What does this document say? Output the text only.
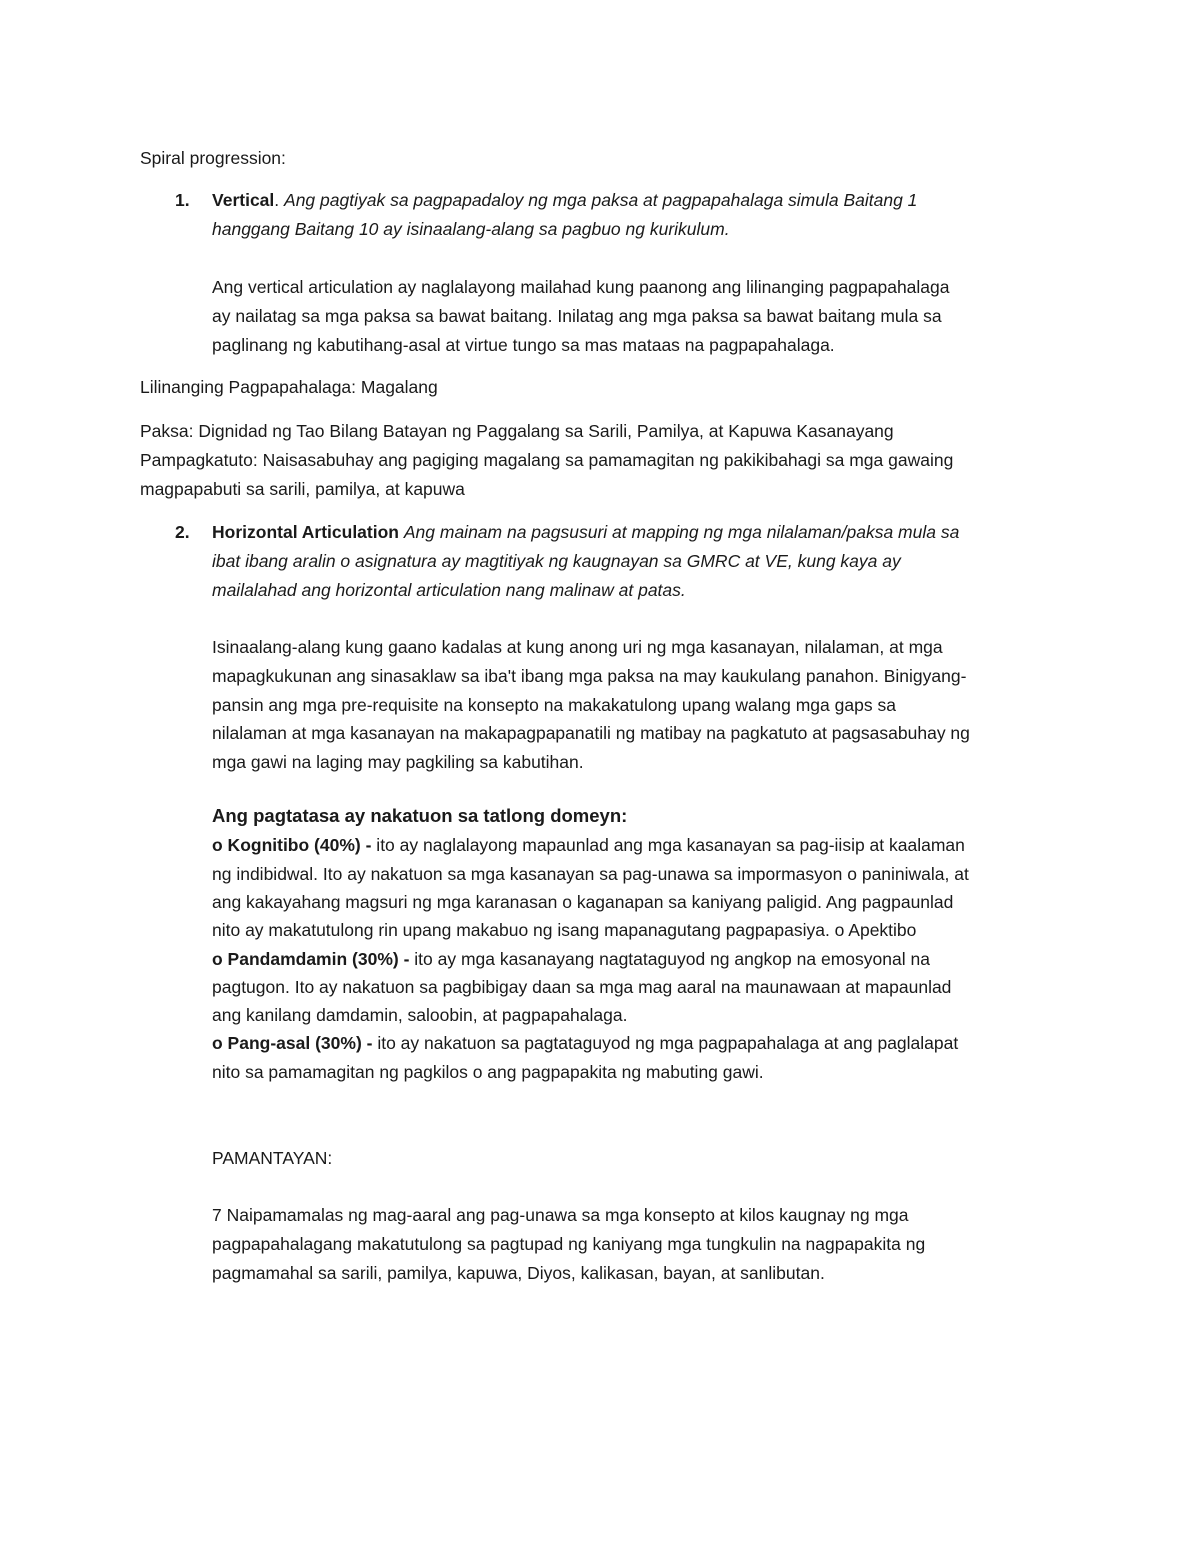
Spiral progression:
1. Vertical. Ang pagtiyak sa pagpapadaloy ng mga paksa at pagpapahalaga simula Baitang 1
hanggang Baitang 10 ay isinaalang-alang sa pagbuo ng kurikulum.
Ang vertical articulation ay naglalayong mailahad kung paanong ang lilinanging pagpapahalaga
ay nailatag sa mga paksa sa bawat baitang. Inilatag ang mga paksa sa bawat baitang mula sa
paglinang ng kabutihang-asal at virtue tungo sa mas mataas na pagpapahalaga.
Lilinanging Pagpapahalaga: Magalang
Paksa: Dignidad ng Tao Bilang Batayan ng Paggalang sa Sarili, Pamilya, at Kapuwa Kasanayang
Pampagkatuto: Naisasabuhay ang pagiging magalang sa pamamagitan ng pakikibahagi sa mga gawaing
magpapabuti sa sarili, pamilya, at kapuwa
2. Horizontal Articulation Ang mainam na pagsusuri at mapping ng mga nilalaman/paksa mula sa
ibat ibang aralin o asignatura ay magtitiyak ng kaugnayan sa GMRC at VE, kung kaya ay
mailalahad ang horizontal articulation nang malinaw at patas.
Isinaalang-alang kung gaano kadalas at kung anong uri ng mga kasanayan, nilalaman, at mga
mapagkukunan ang sinasaklaw sa iba't ibang mga paksa na may kaukulang panahon. Binigyang-
pansin ang mga pre-requisite na konsepto na makakatulong upang walang mga gaps sa
nilalaman at mga kasanayan na makapagpapanatili ng matibay na pagkatuto at pagsasabuhay ng
mga gawi na laging may pagkiling sa kabutihan.
Ang pagtatasa ay nakatuon sa tatlong domeyn:
o Kognitibo (40%) - ito ay naglalayong mapaunlad ang mga kasanayan sa pag-iisip at kaalaman
ng indibidwal. Ito ay nakatuon sa mga kasanayan sa pag-unawa sa impormasyon o paniniwala, at
ang kakayahang magsuri ng mga karanasan o kaganapan sa kaniyang paligid. Ang pagpaunlad
nito ay makatutulong rin upang makabuo ng isang mapanagutang pagpapasiya. o Apektibo
o Pandamdamin (30%) - ito ay mga kasanayang nagtataguyod ng angkop na emosyonal na
pagtugon. Ito ay nakatuon sa pagbibigay daan sa mga mag aaral na maunawaan at mapaunlad
ang kanilang damdamin, saloobin, at pagpapahalaga.
o Pang-asal (30%) - ito ay nakatuon sa pagtataguyod ng mga pagpapahalaga at ang paglalapat
nito sa pamamagitan ng pagkilos o ang pagpapakita ng mabuting gawi.
PAMANTAYAN:
7 Naipamamalas ng mag-aaral ang pag-unawa sa mga konsepto at kilos kaugnay ng mga
pagpapahalagang makatutulong sa pagtupad ng kaniyang mga tungkulin na nagpapakita ng
pagmamahal sa sarili, pamilya, kapuwa, Diyos, kalikasan, bayan, at sanlibutan.
